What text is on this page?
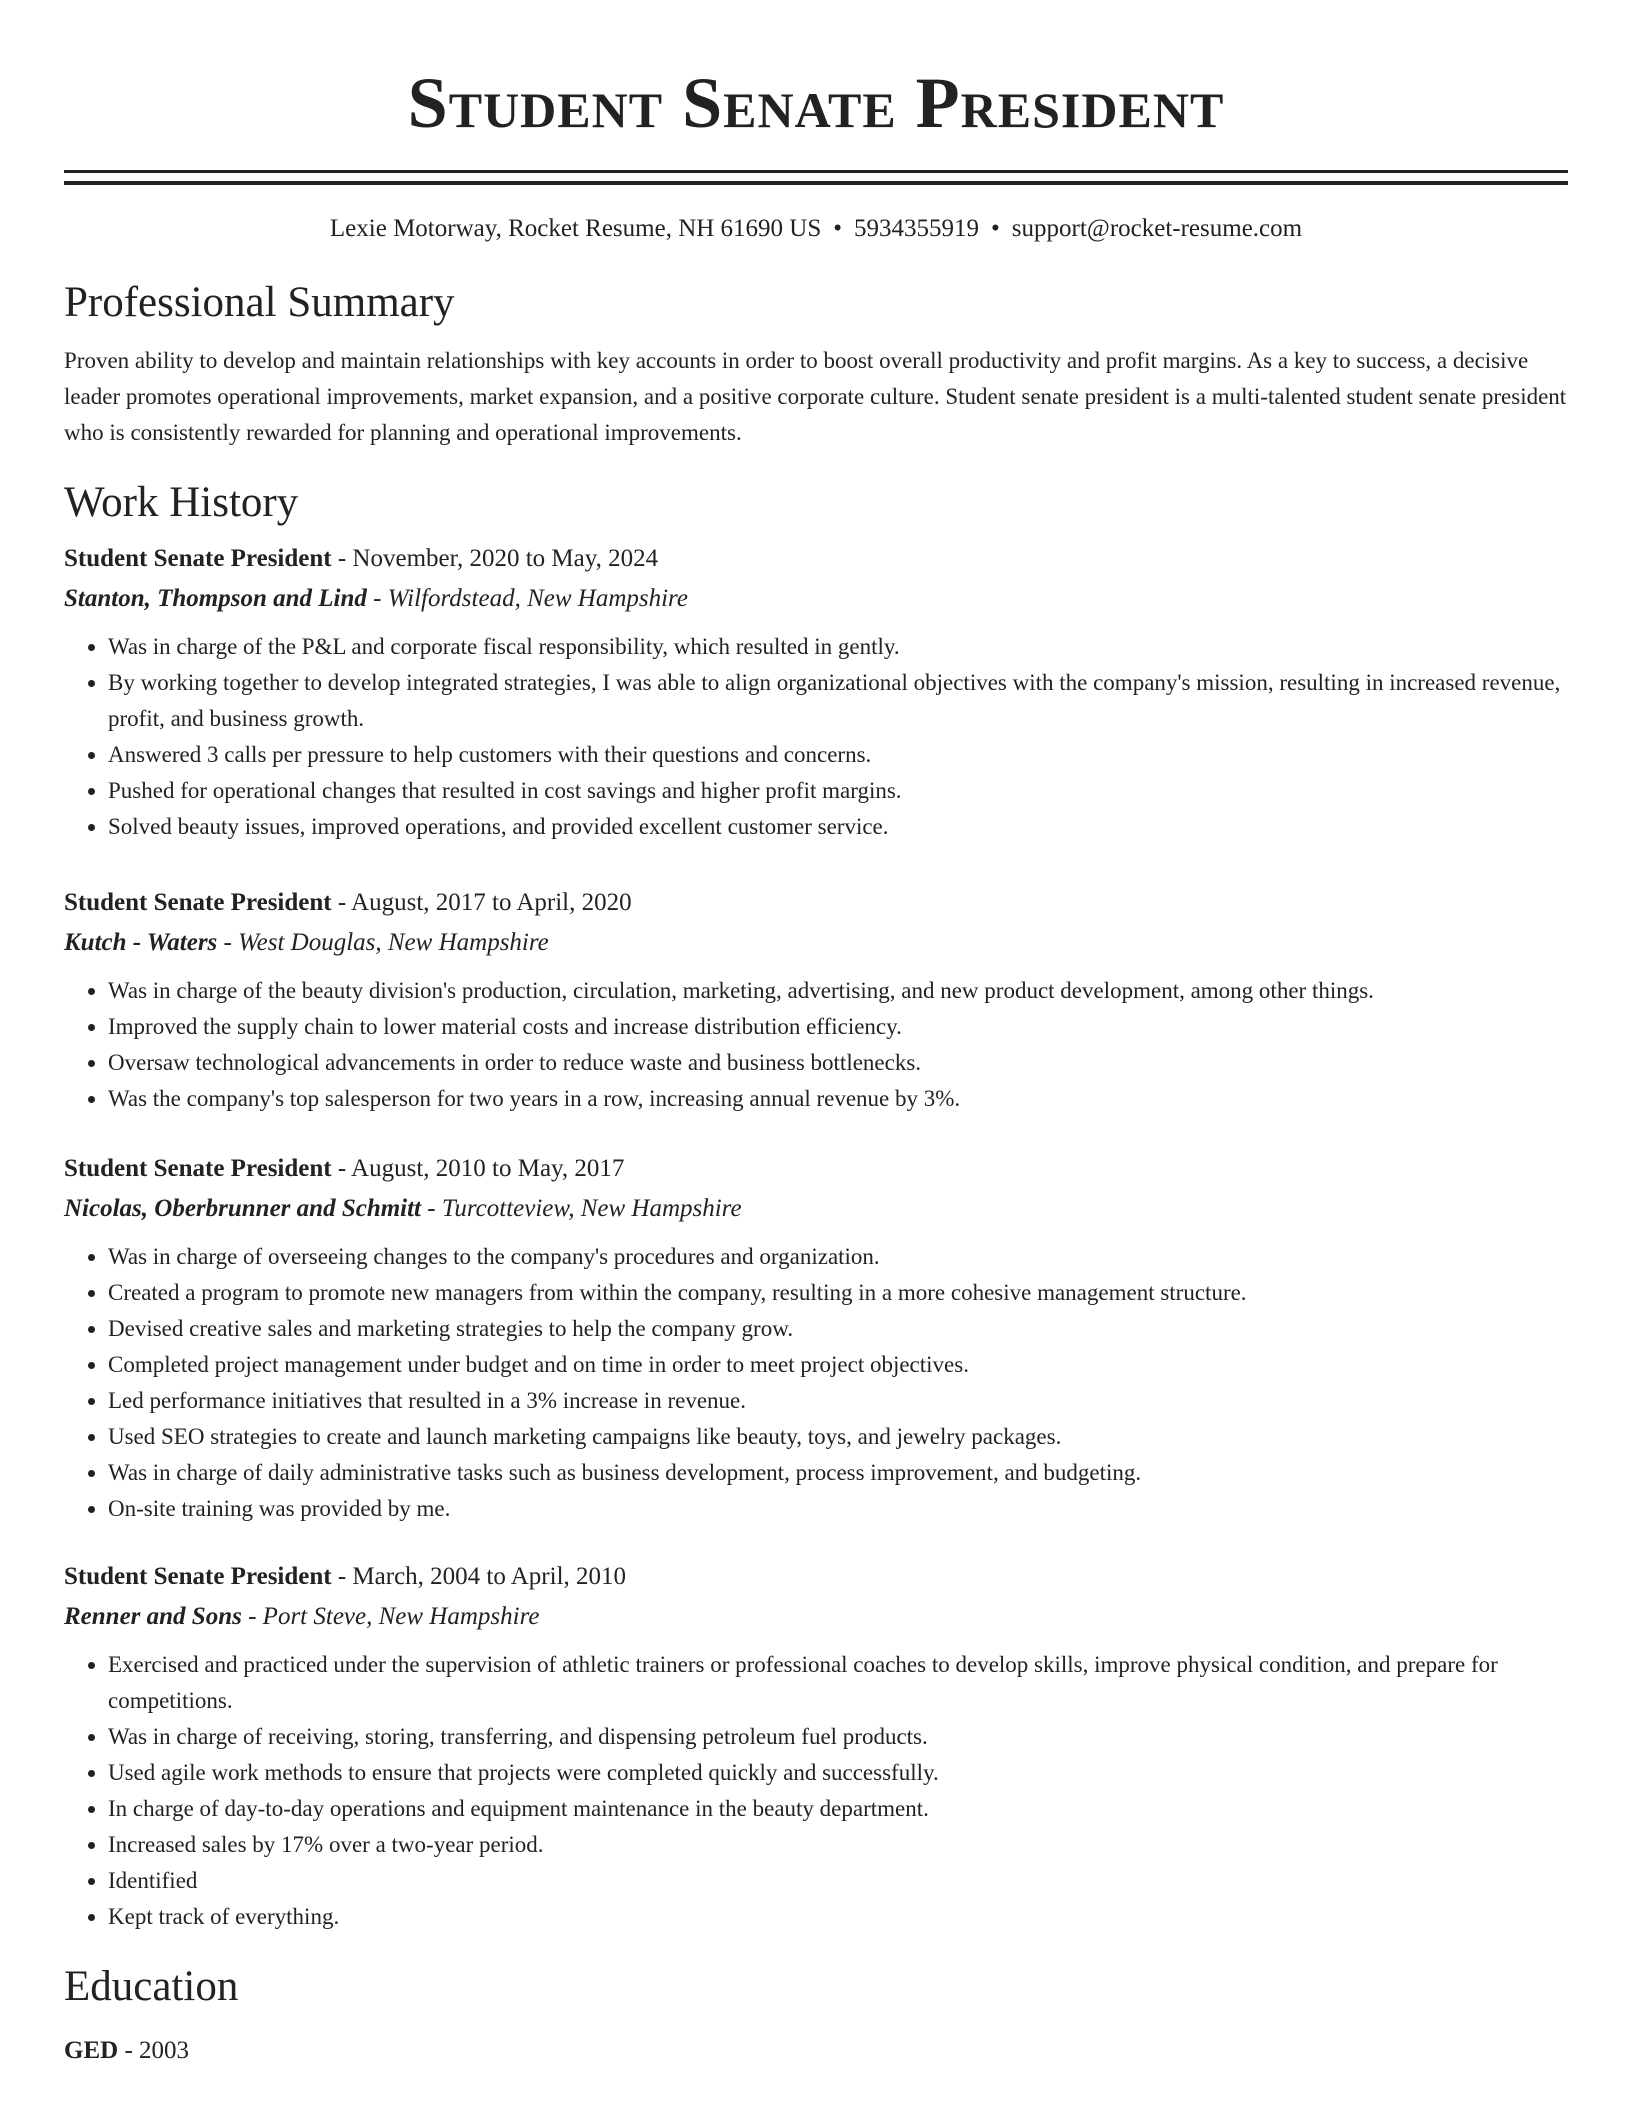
Student Senate President
Lexie Motorway, Rocket Resume, NH 61690 US • 5934355919 • support@rocket-resume.com
Professional Summary

Proven ability to develop and maintain relationships with key accounts in order to boost overall productivity and profit margins. As a key to success, a decisive leader promotes operational improvements, market expansion, and a positive corporate culture. Student senate president is a multi-talented student senate president who is consistently rewarded for planning and operational improvements.

Work History
Student Senate President - November, 2020 to May, 2024
Stanton, Thompson and Lind - Wilfordstead, New Hampshire
• Was in charge of the P&L and corporate fiscal responsibility, which resulted in gently.
• By working together to develop integrated strategies, I was able to align organizational objectives with the company's mission, resulting in increased revenue, profit, and business growth.
• Answered 3 calls per pressure to help customers with their questions and concerns.
• Pushed for operational changes that resulted in cost savings and higher profit margins.
• Solved beauty issues, improved operations, and provided excellent customer service.
Student Senate President - August, 2017 to April, 2020
Kutch - Waters - West Douglas, New Hampshire
• Was in charge of the beauty division's production, circulation, marketing, advertising, and new product development, among other things.
• Improved the supply chain to lower material costs and increase distribution efficiency.
• Oversaw technological advancements in order to reduce waste and business bottlenecks.
• Was the company's top salesperson for two years in a row, increasing annual revenue by 3%.
Student Senate President - August, 2010 to May, 2017
Nicolas, Oberbrunner and Schmitt - Turcotteview, New Hampshire
• Was in charge of overseeing changes to the company's procedures and organization.
• Created a program to promote new managers from within the company, resulting in a more cohesive management structure.
• Devised creative sales and marketing strategies to help the company grow.
• Completed project management under budget and on time in order to meet project objectives.
• Led performance initiatives that resulted in a 3% increase in revenue.
• Used SEO strategies to create and launch marketing campaigns like beauty, toys, and jewelry packages.
• Was in charge of daily administrative tasks such as business development, process improvement, and budgeting.
• On-site training was provided by me.
Student Senate President - March, 2004 to April, 2010
Renner and Sons - Port Steve, New Hampshire
• Exercised and practiced under the supervision of athletic trainers or professional coaches to develop skills, improve physical condition, and prepare for competitions.
• Was in charge of receiving, storing, transferring, and dispensing petroleum fuel products.
• Used agile work methods to ensure that projects were completed quickly and successfully.
• In charge of day-to-day operations and equipment maintenance in the beauty department.
• Increased sales by 17% over a two-year period.
• Identified
• Kept track of everything.
Education
GED - 2003
